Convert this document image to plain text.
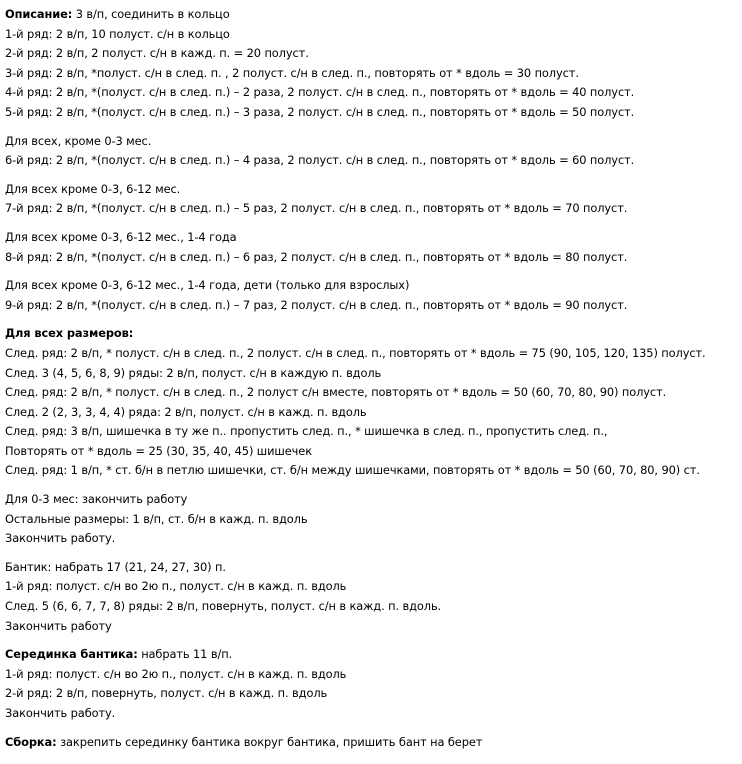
Описание: 3 в/п, соединить в кольцо
1-й ряд: 2 в/п, 10 полуст. с/н в кольцо
2-й ряд: 2 в/п, 2 полуст. с/н в кажд. п. = 20 полуст.
3-й ряд: 2 в/п, *полуст. с/н в след. п. , 2 полуст. с/н в след. п., повторять от * вдоль = 30 полуст.
4-й ряд: 2 в/п, *(полуст. с/н в след. п.) – 2 раза, 2 полуст. с/н в след. п., повторять от * вдоль = 40 полуст.
5-й ряд: 2 в/п, *(полуст. с/н в след. п.) – 3 раза, 2 полуст. с/н в след. п., повторять от * вдоль = 50 полуст.
Для всех, кроме 0-3 мес.
6-й ряд: 2 в/п, *(полуст. с/н в след. п.) – 4 раза, 2 полуст. с/н в след. п., повторять от * вдоль = 60 полуст.
Для всех кроме 0-3, 6-12 мес.
7-й ряд: 2 в/п, *(полуст. с/н в след. п.) – 5 раз, 2 полуст. с/н в след. п., повторять от * вдоль = 70 полуст.
Для всех кроме 0-3, 6-12 мес., 1-4 года
8-й ряд: 2 в/п, *(полуст. с/н в след. п.) – 6 раз, 2 полуст. с/н в след. п., повторять от * вдоль = 80 полуст.
Для всех кроме 0-3, 6-12 мес., 1-4 года, дети (только для взрослых)
9-й ряд: 2 в/п, *(полуст. с/н в след. п.) – 7 раз, 2 полуст. с/н в след. п., повторять от * вдоль = 90 полуст.
Для всех размеров:
След. ряд: 2 в/п, * полуст. с/н в след. п., 2 полуст. с/н в след. п., повторять от * вдоль = 75 (90, 105, 120, 135) полуст.
След. 3 (4, 5, 6, 8, 9) ряды: 2 в/п, полуст. с/н в каждую п. вдоль
След. ряд: 2 в/п, * полуст. с/н в след. п., 2 полуст с/н вместе, повторять от * вдоль = 50 (60, 70, 80, 90) полуст.
След. 2 (2, 3, 3, 4, 4) ряда: 2 в/п, полуст. с/н в кажд. п. вдоль
След. ряд: 3 в/п, шишечка в ту же п.. пропустить след. п., * шишечка в след. п., пропустить след. п.,
Повторять от * вдоль = 25 (30, 35, 40, 45) шишечек
След. ряд: 1 в/п, * ст. б/н в петлю шишечки, ст. б/н между шишечками, повторять от * вдоль = 50 (60, 70, 80, 90) ст.
Для 0-3 мес: закончить работу
Остальные размеры: 1 в/п, ст. б/н в кажд. п. вдоль
Закончить работу.
Бантик: набрать 17 (21, 24, 27, 30) п.
1-й ряд: полуст. с/н во 2ю п., полуст. с/н в кажд. п. вдоль
След. 5 (6, 6, 7, 7, 8) ряды: 2 в/п, повернуть, полуст. с/н в кажд. п. вдоль.
Закончить работу
Серединка бантика: набрать 11 в/п.
1-й ряд: полуст. с/н во 2ю п., полуст. с/н в кажд. п. вдоль
2-й ряд: 2 в/п, повернуть, полуст. с/н в кажд. п. вдоль
Закончить работу.
Сборка: закрепить серединку бантика вокруг бантика, пришить бант на берет
